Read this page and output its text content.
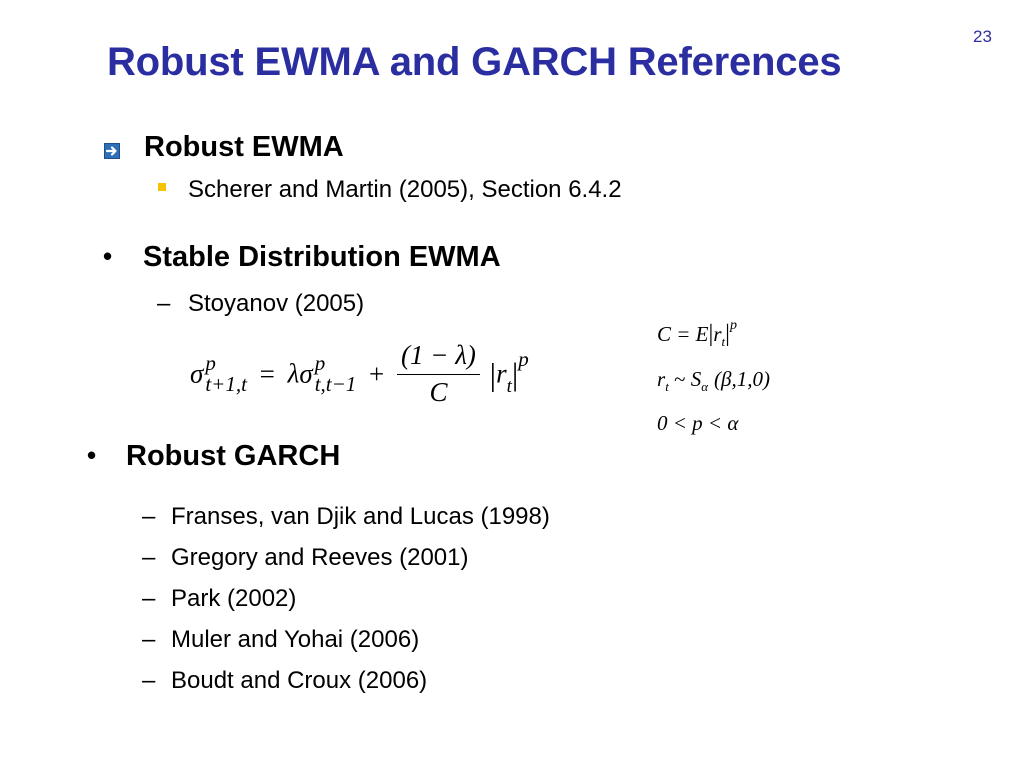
23
Robust EWMA and GARCH References
Robust EWMA
Scherer and Martin (2005), Section 6.4.2
• Stable Distribution EWMA
– Stoyanov (2005)
σ p
t+1,t = λσ p
$t,t-1 + \frac{(1 - \lambda)}{C} |r_t|^p$
$C = E|r_t|^p$
$r_t$ ~ $S_\alpha$ (β,1,0)
0 < p < α
• Robust GARCH
– Franses, van Djik and Lucas (1998)
– Gregory and Reeves (2001)
– Park (2002)
– Muler and Yohai (2006)
– Boudt and Croux (2006)
